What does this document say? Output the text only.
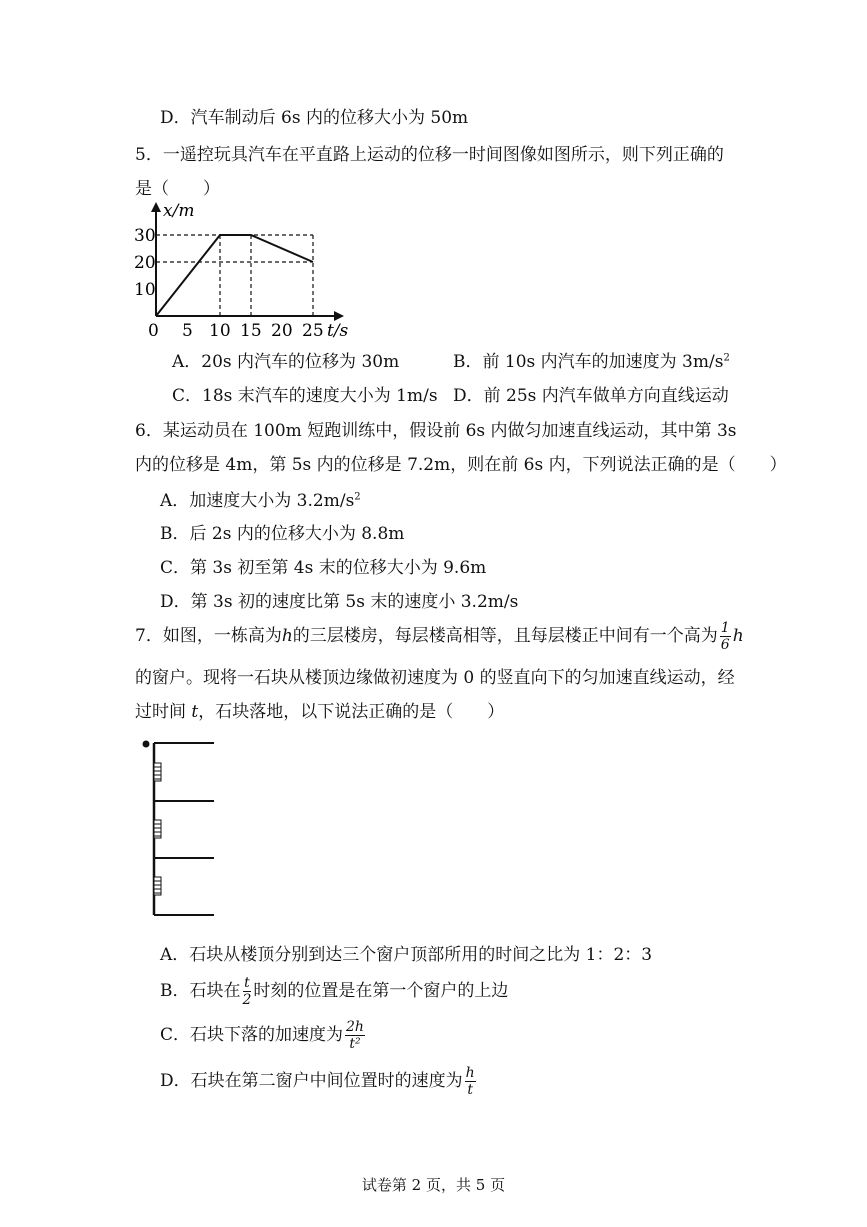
D．汽车制动后 6s 内的位移大小为 50m
5．一遥控玩具汽车在平直路上运动的位移一时间图像如图所示，则下列正确的
是（　　）
x/m
30
20
10
0 5 10 15 20 25 t/s
A．20s 内汽车的位移为 30m	B．前 10s 内汽车的加速度为 $3m/s^2$
C．18s 末汽车的速度大小为 1m/s D．前 25s 内汽车做单方向直线运动
6．某运动员在 100m 短跑训练中，假设前 6s 内做匀加速直线运动，其中第 3s
内的位移是 4m，第 5s 内的位移是 7.2m，则在前 6s 内，下列说法正确的是（　　）
A．加速度大小为 $3.2m/s^2$
B．后 2s 内的位移大小为 8.8m
C．第 3s 初至第 4s 末的位移大小为 9.6m
D．第 3s 初的速度比第 5s 末的速度小 3.2m/s
7．如图，一栋高为h的三层楼房，每层楼高相等，且每层楼正中间有一个高为 $\frac{1}{6}$ h
的窗户。现将一石块从楼顶边缘做初速度为 0 的竖直向下的匀加速直线运动，经
过时间 t，石块落地，以下说法正确的是（　　）
A．石块从楼顶分别到达三个窗户顶部所用的时间之比为 1：2：3
B．石块在 $\frac{t}{2}$ 时刻的位置是在第一个窗户的上边
C．石块下落的加速度为 $\frac{2h}{\text{t²}}$
D．石块在第二窗户中间位置时的速度为 $\frac{h}{t}$
试卷第 2 页，共 5 页
